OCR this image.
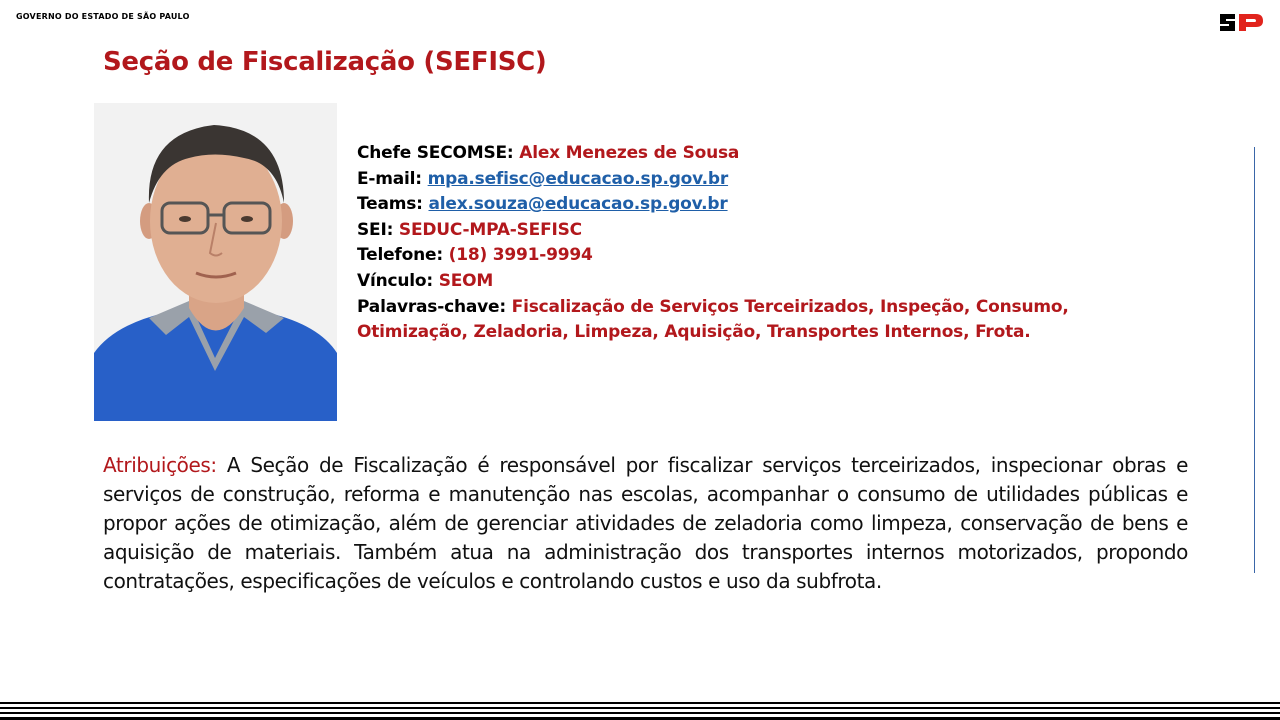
GOVERNO DO ESTADO DE SÃO PAULO
Seção de Fiscalização (SEFISC)
Chefe SECOMSE: Alex Menezes de Sousa
E-mail: mpa.sefisc@educacao.sp.gov.br
Teams: alex.souza@educacao.sp.gov.br
SEI: SEDUC-MPA-SEFISC
Telefone: (18) 3991-9994
Vínculo: SEOM
Palavras-chave: Fiscalização de Serviços Terceirizados, Inspeção, Consumo, Otimização, Zeladoria, Limpeza, Aquisição, Transportes Internos, Frota.
Atribuições: A Seção de Fiscalização é responsável por fiscalizar serviços terceirizados, inspecionar obras e serviços de construção, reforma e manutenção nas escolas, acompanhar o consumo de utilidades públicas e propor ações de otimização, além de gerenciar atividades de zeladoria como limpeza, conservação de bens e aquisição de materiais. Também atua na administração dos transportes internos motorizados, propondo contratações, especificações de veículos e controlando custos e uso da subfrota.
